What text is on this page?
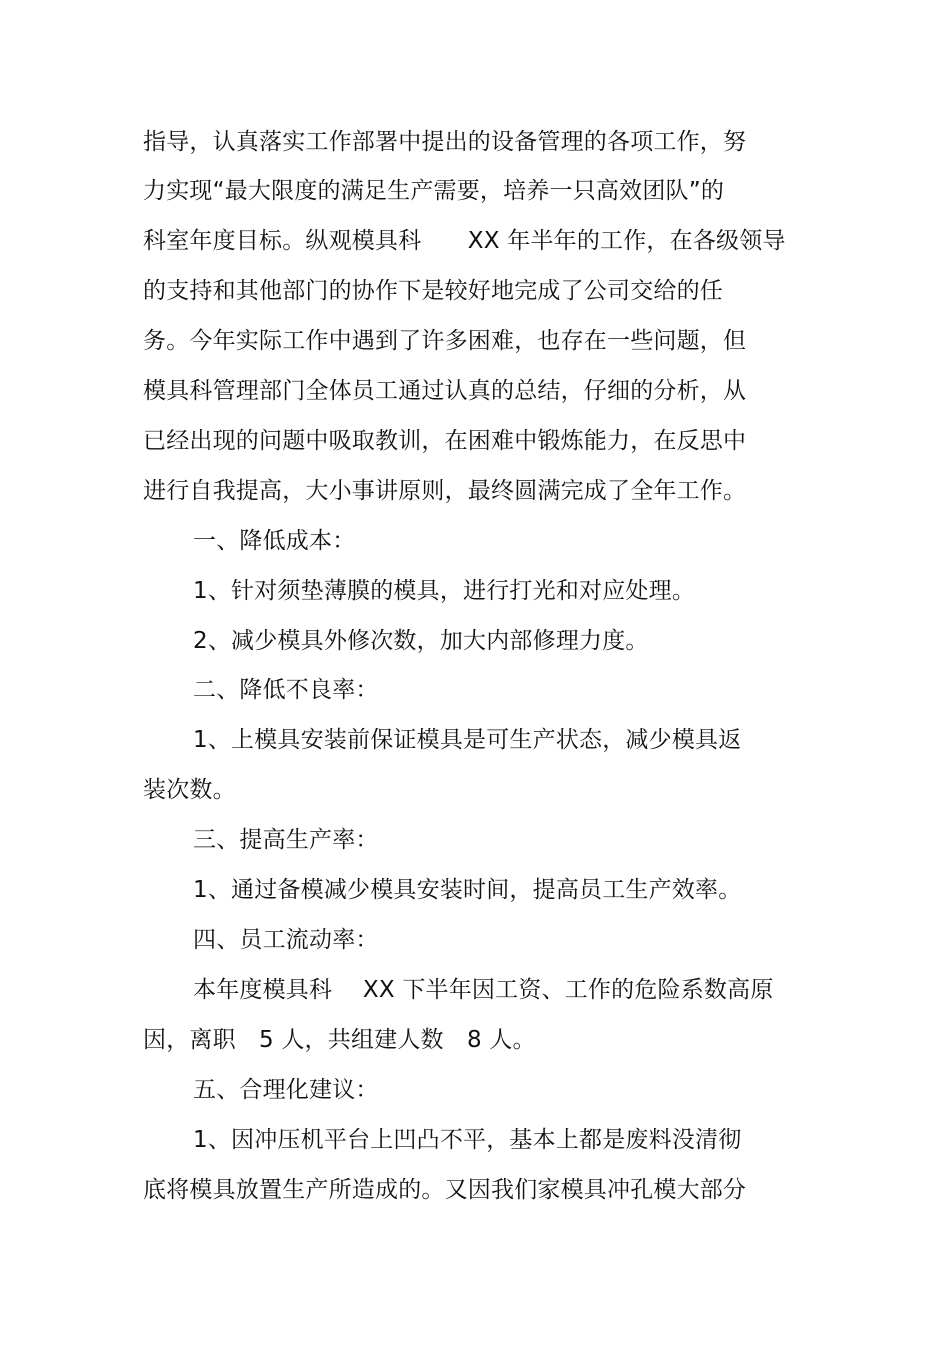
指导，认真落实工作部署中提出的设备管理的各项工作，努
力实现“最大限度的满足生产需要，培养一只高效团队”的
科室年度目标。纵观模具科　　XX 年半年的工作，在各级领导
的支持和其他部门的协作下是较好地完成了公司交给的任
务。今年实际工作中遇到了许多困难，也存在一些问题，但
模具科管理部门全体员工通过认真的总结，仔细的分析，从
已经出现的问题中吸取教训，在困难中锻炼能力，在反思中
进行自我提高，大小事讲原则，最终圆满完成了全年工作。
一、降低成本：
1、针对须垫薄膜的模具，进行打光和对应处理。
2、减少模具外修次数，加大内部修理力度。
二、降低不良率：
1、上模具安装前保证模具是可生产状态，减少模具返
装次数。
三、提高生产率：
1、通过备模减少模具安装时间，提高员工生产效率。
四、员工流动率：
本年度模具科　 XX 下半年因工资、工作的危险系数高原
因，离职　5 人，共组建人数　8 人。
五、合理化建议：
1、因冲压机平台上凹凸不平，基本上都是废料没清彻
底将模具放置生产所造成的。又因我们家模具冲孔模大部分
